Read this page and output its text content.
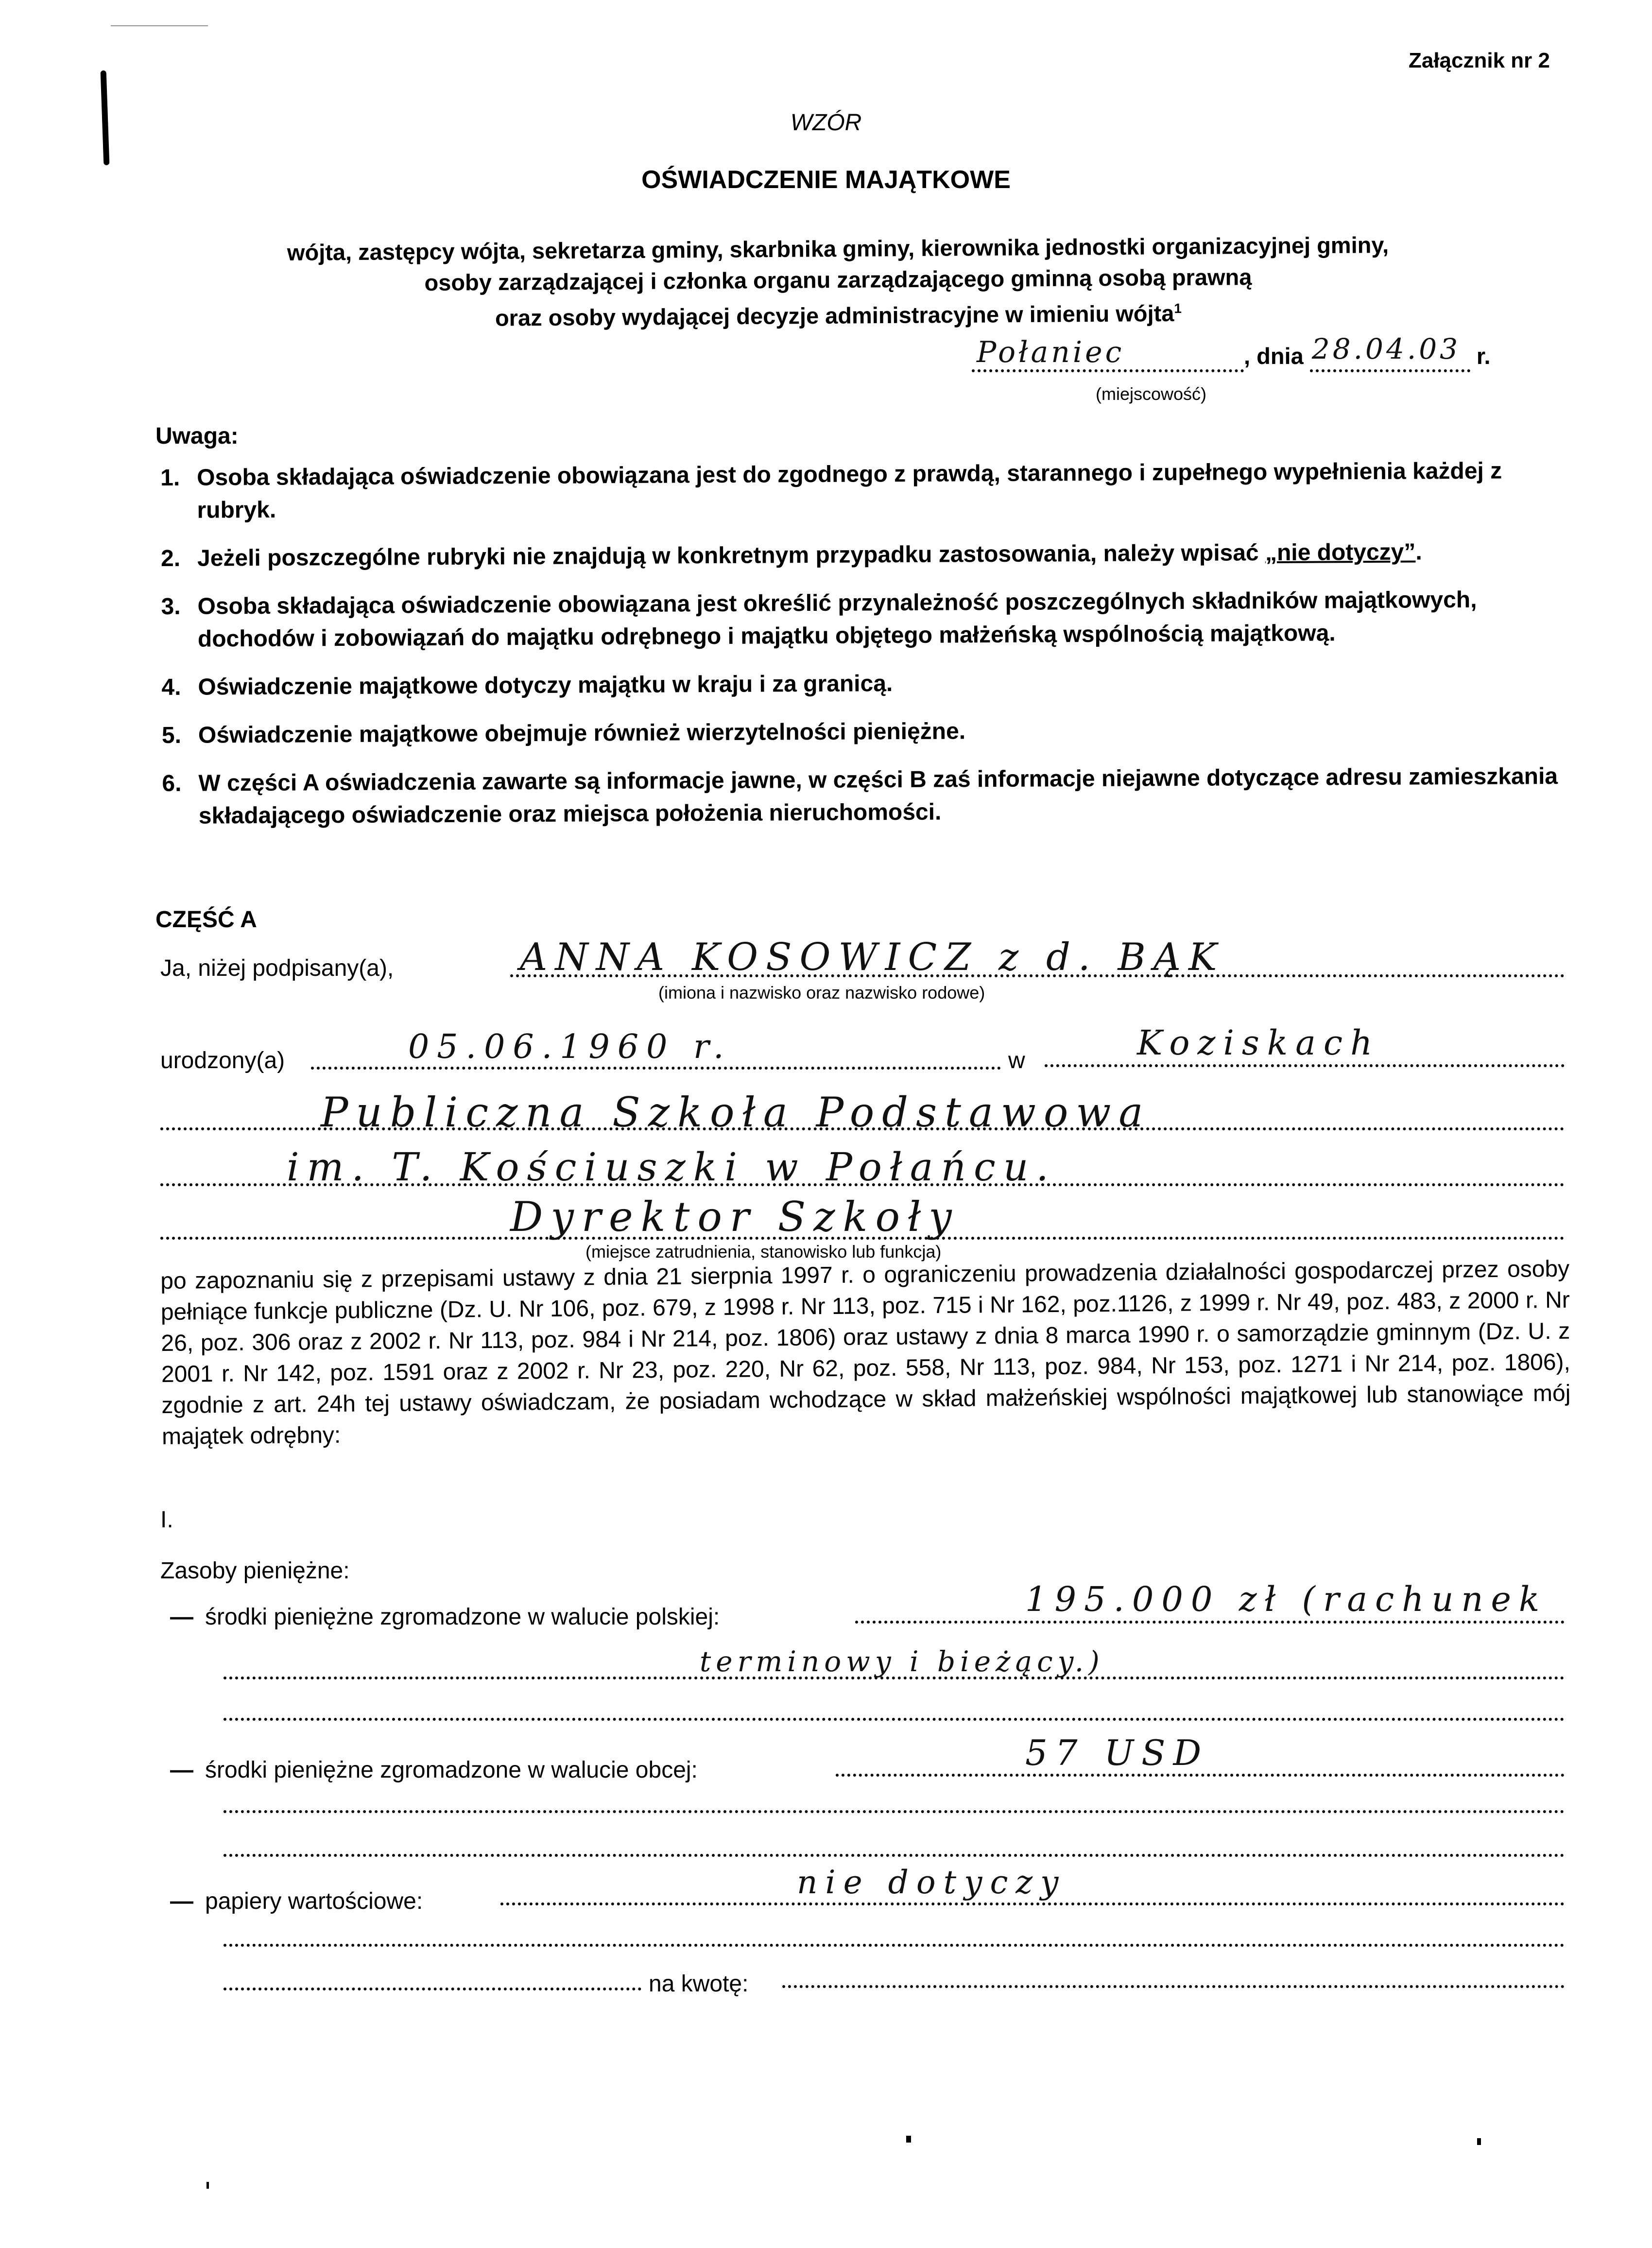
Załącznik nr 2
WZÓR
OŚWIADCZENIE MAJĄTKOWE
wójta, zastępcy wójta, sekretarza gminy, skarbnika gminy, kierownika jednostki organizacyjnej gminy,
osoby zarządzającej i członka organu zarządzającego gminną osobą prawną
oraz osoby wydającej decyzje administracyjne w imieniu wójta$^1$
Połaniec	, dnia 28.04.03 r.
(miejscowość)
Uwaga:
1. Osoba składająca oświadczenie obowiązana jest do zgodnego z prawdą, starannego i zupełnego wypełnienia każdej z rubryk.
2. Jeżeli poszczególne rubryki nie znajdują w konkretnym przypadku zastosowania, należy wpisać „nie dotyczy”.
3. Osoba składająca oświadczenie obowiązana jest określić przynależność poszczególnych składników majątkowych, dochodów i zobowiązań do majątku odrębnego i majątku objętego małżeńską wspólnością majątkową.
4. Oświadczenie majątkowe dotyczy majątku w kraju i za granicą.
5. Oświadczenie majątkowe obejmuje również wierzytelności pieniężne.
6. W części A oświadczenia zawarte są informacje jawne, w części B zaś informacje niejawne dotyczące adresu zamieszkania składającego oświadczenie oraz miejsca położenia nieruchomości.
CZĘŚĆ A
Ja, niżej podpisany(a),	ANNA KOSOWICZ z d. BĄK
(imiona i nazwisko oraz nazwisko rodowe)
urodzony(a)	05.06.1960 r.	w	Koziskach
Publiczna Szkoła Podstawowa
im. T. Kościuszki w Połańcu.
Dyrektor Szkoły
(miejsce zatrudnienia, stanowisko lub funkcja)
po zapoznaniu się z przepisami ustawy z dnia 21 sierpnia 1997 r. o ograniczeniu prowadzenia działalności gospodarczej przez osoby pełniące funkcje publiczne (Dz. U. Nr 106, poz. 679, z 1998 r. Nr 113, poz. 715 i Nr 162, poz.1126, z 1999 r. Nr 49, poz. 483, z 2000 r. Nr 26, poz. 306 oraz z 2002 r. Nr 113, poz. 984 i Nr 214, poz. 1806) oraz ustawy z dnia 8 marca 1990 r. o samorządzie gminnym (Dz. U. z 2001 r. Nr 142, poz. 1591 oraz z 2002 r. Nr 23, poz. 220, Nr 62, poz. 558, Nr 113, poz. 984, Nr 153, poz. 1271 i Nr 214, poz. 1806), zgodnie z art. 24h tej ustawy oświadczam, że posiadam wchodzące w skład małżeńskiej wspólności majątkowej lub stanowiące mój majątek odrębny:
I.
Zasoby pieniężne:
— środki pieniężne zgromadzone w walucie polskiej:	195.000 zł (rachunek
terminowy i bieżący.)
— środki pieniężne zgromadzone w walucie obcej:	57 USD
— papiery wartościowe:
nie dotyczy
na kwotę:
